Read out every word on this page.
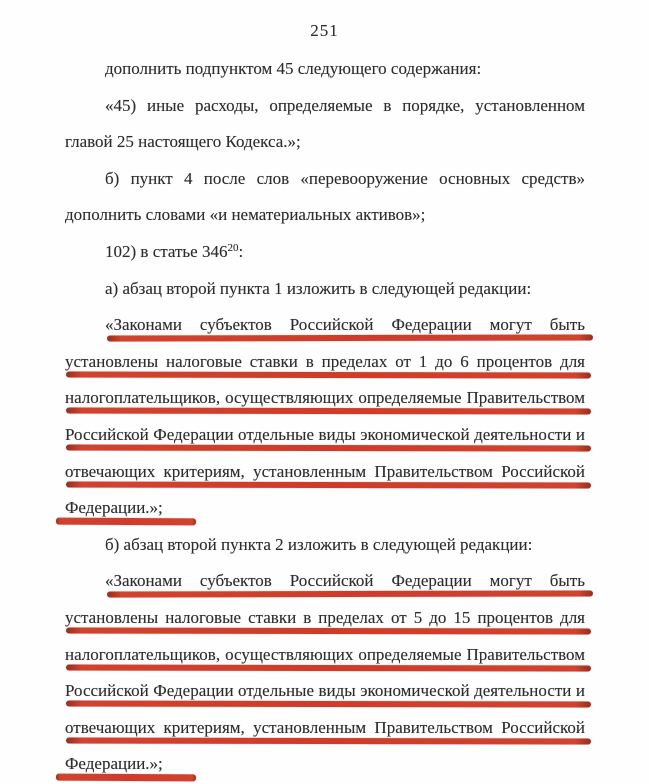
251
дополнить подпунктом 45 следующего содержания:
«45) иные расходы, определяемые в порядке, установленном
главой 25 настоящего Кодекса.»;
б) пункт 4 после слов «перевооружение основных средств»
дополнить словами «и нематериальных активов»;
102) в статье $346^{20}$:
а) абзац второй пункта 1 изложить в следующей редакции:
«Законами субъектов Российской Федерации могут быть
установлены налоговые ставки в пределах от 1 до 6 процентов для
налогоплательщиков, осуществляющих определяемые Правительством
Российской Федерации отдельные виды экономической деятельности и
отвечающих критериям, установленным Правительством Российской
Федерации.»;
б) абзац второй пункта 2 изложить в следующей редакции:
«Законами субъектов Российской Федерации могут быть
установлены налоговые ставки в пределах от 5 до 15 процентов для
налогоплательщиков, осуществляющих определяемые Правительством
Российской Федерации отдельные виды экономической деятельности и
отвечающих критериям, установленным Правительством Российской
Федерации.»;
